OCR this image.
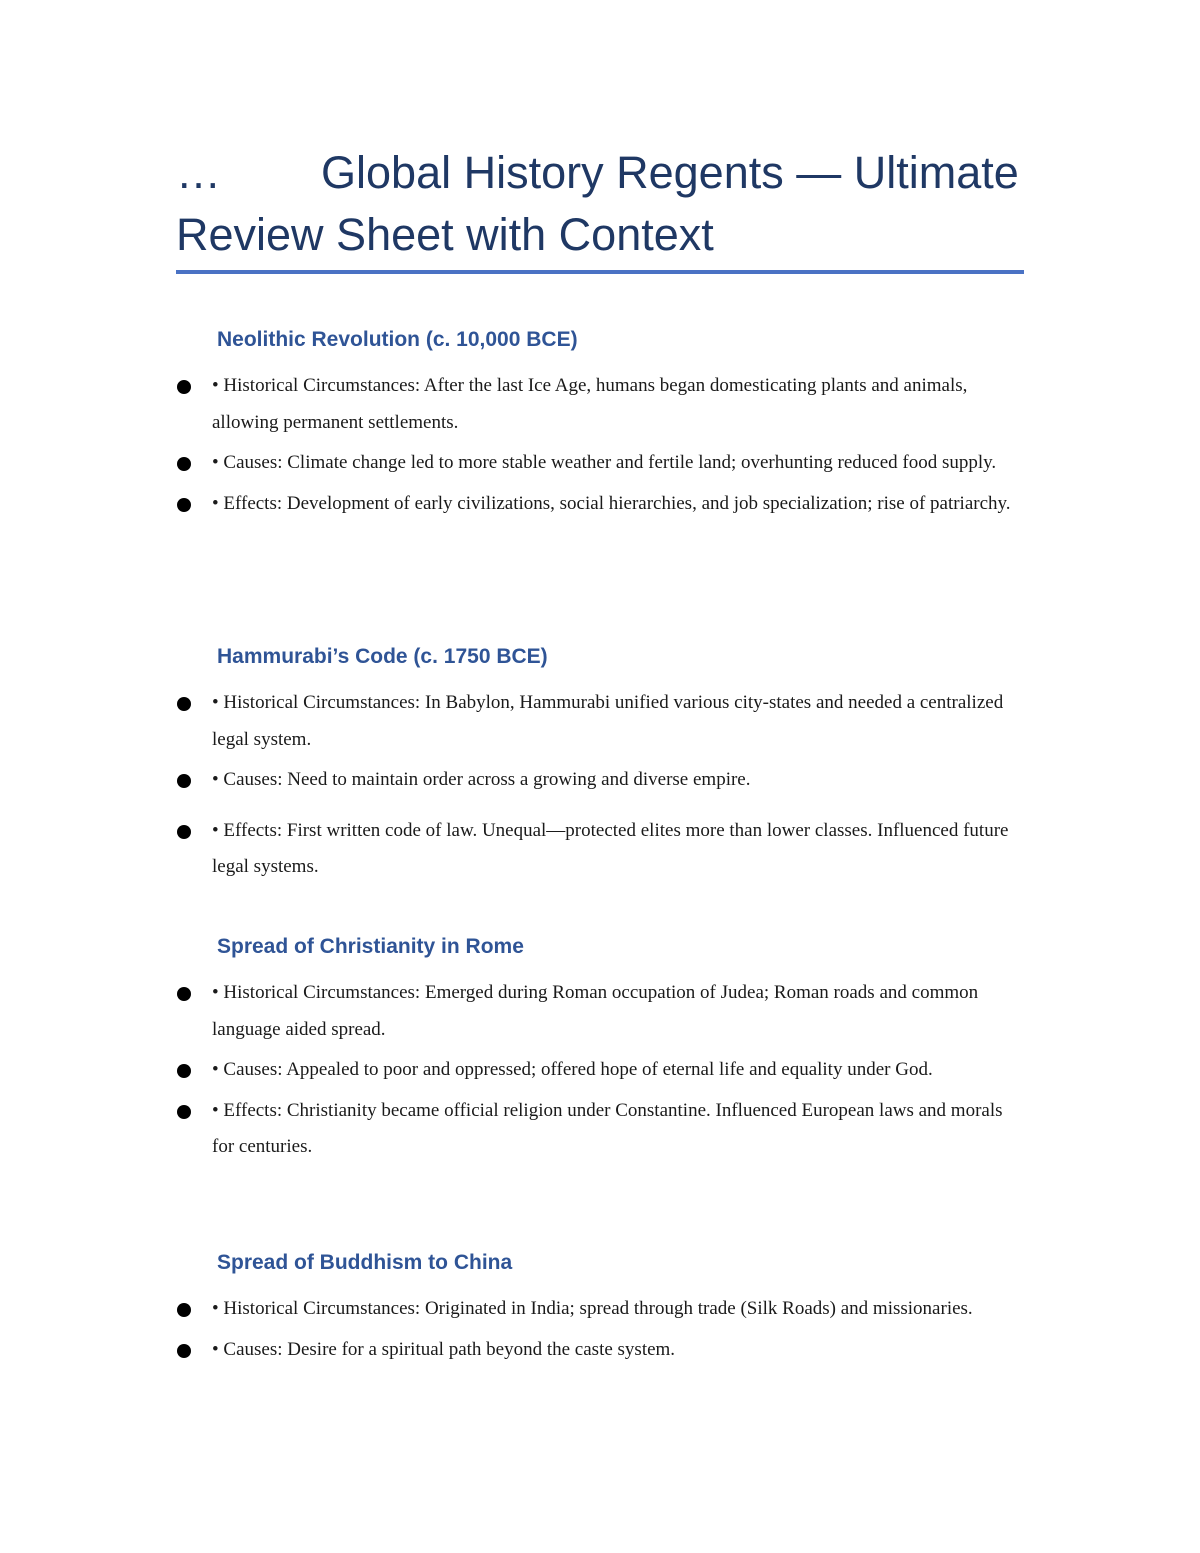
…        Global History Regents — Ultimate Review Sheet with Context
Neolithic Revolution (c. 10,000 BCE)
• Historical Circumstances: After the last Ice Age, humans began domesticating plants and animals, allowing permanent settlements.
• Causes: Climate change led to more stable weather and fertile land; overhunting reduced food supply.
• Effects: Development of early civilizations, social hierarchies, and job specialization; rise of patriarchy.
Hammurabi’s Code (c. 1750 BCE)
• Historical Circumstances: In Babylon, Hammurabi unified various city-states and needed a centralized legal system.
• Causes: Need to maintain order across a growing and diverse empire.
• Effects: First written code of law. Unequal—protected elites more than lower classes. Influenced future legal systems.
Spread of Christianity in Rome
• Historical Circumstances: Emerged during Roman occupation of Judea; Roman roads and common language aided spread.
• Causes: Appealed to poor and oppressed; offered hope of eternal life and equality under God.
• Effects: Christianity became official religion under Constantine. Influenced European laws and morals for centuries.
Spread of Buddhism to China
• Historical Circumstances: Originated in India; spread through trade (Silk Roads) and missionaries.
• Causes: Desire for a spiritual path beyond the caste system.
